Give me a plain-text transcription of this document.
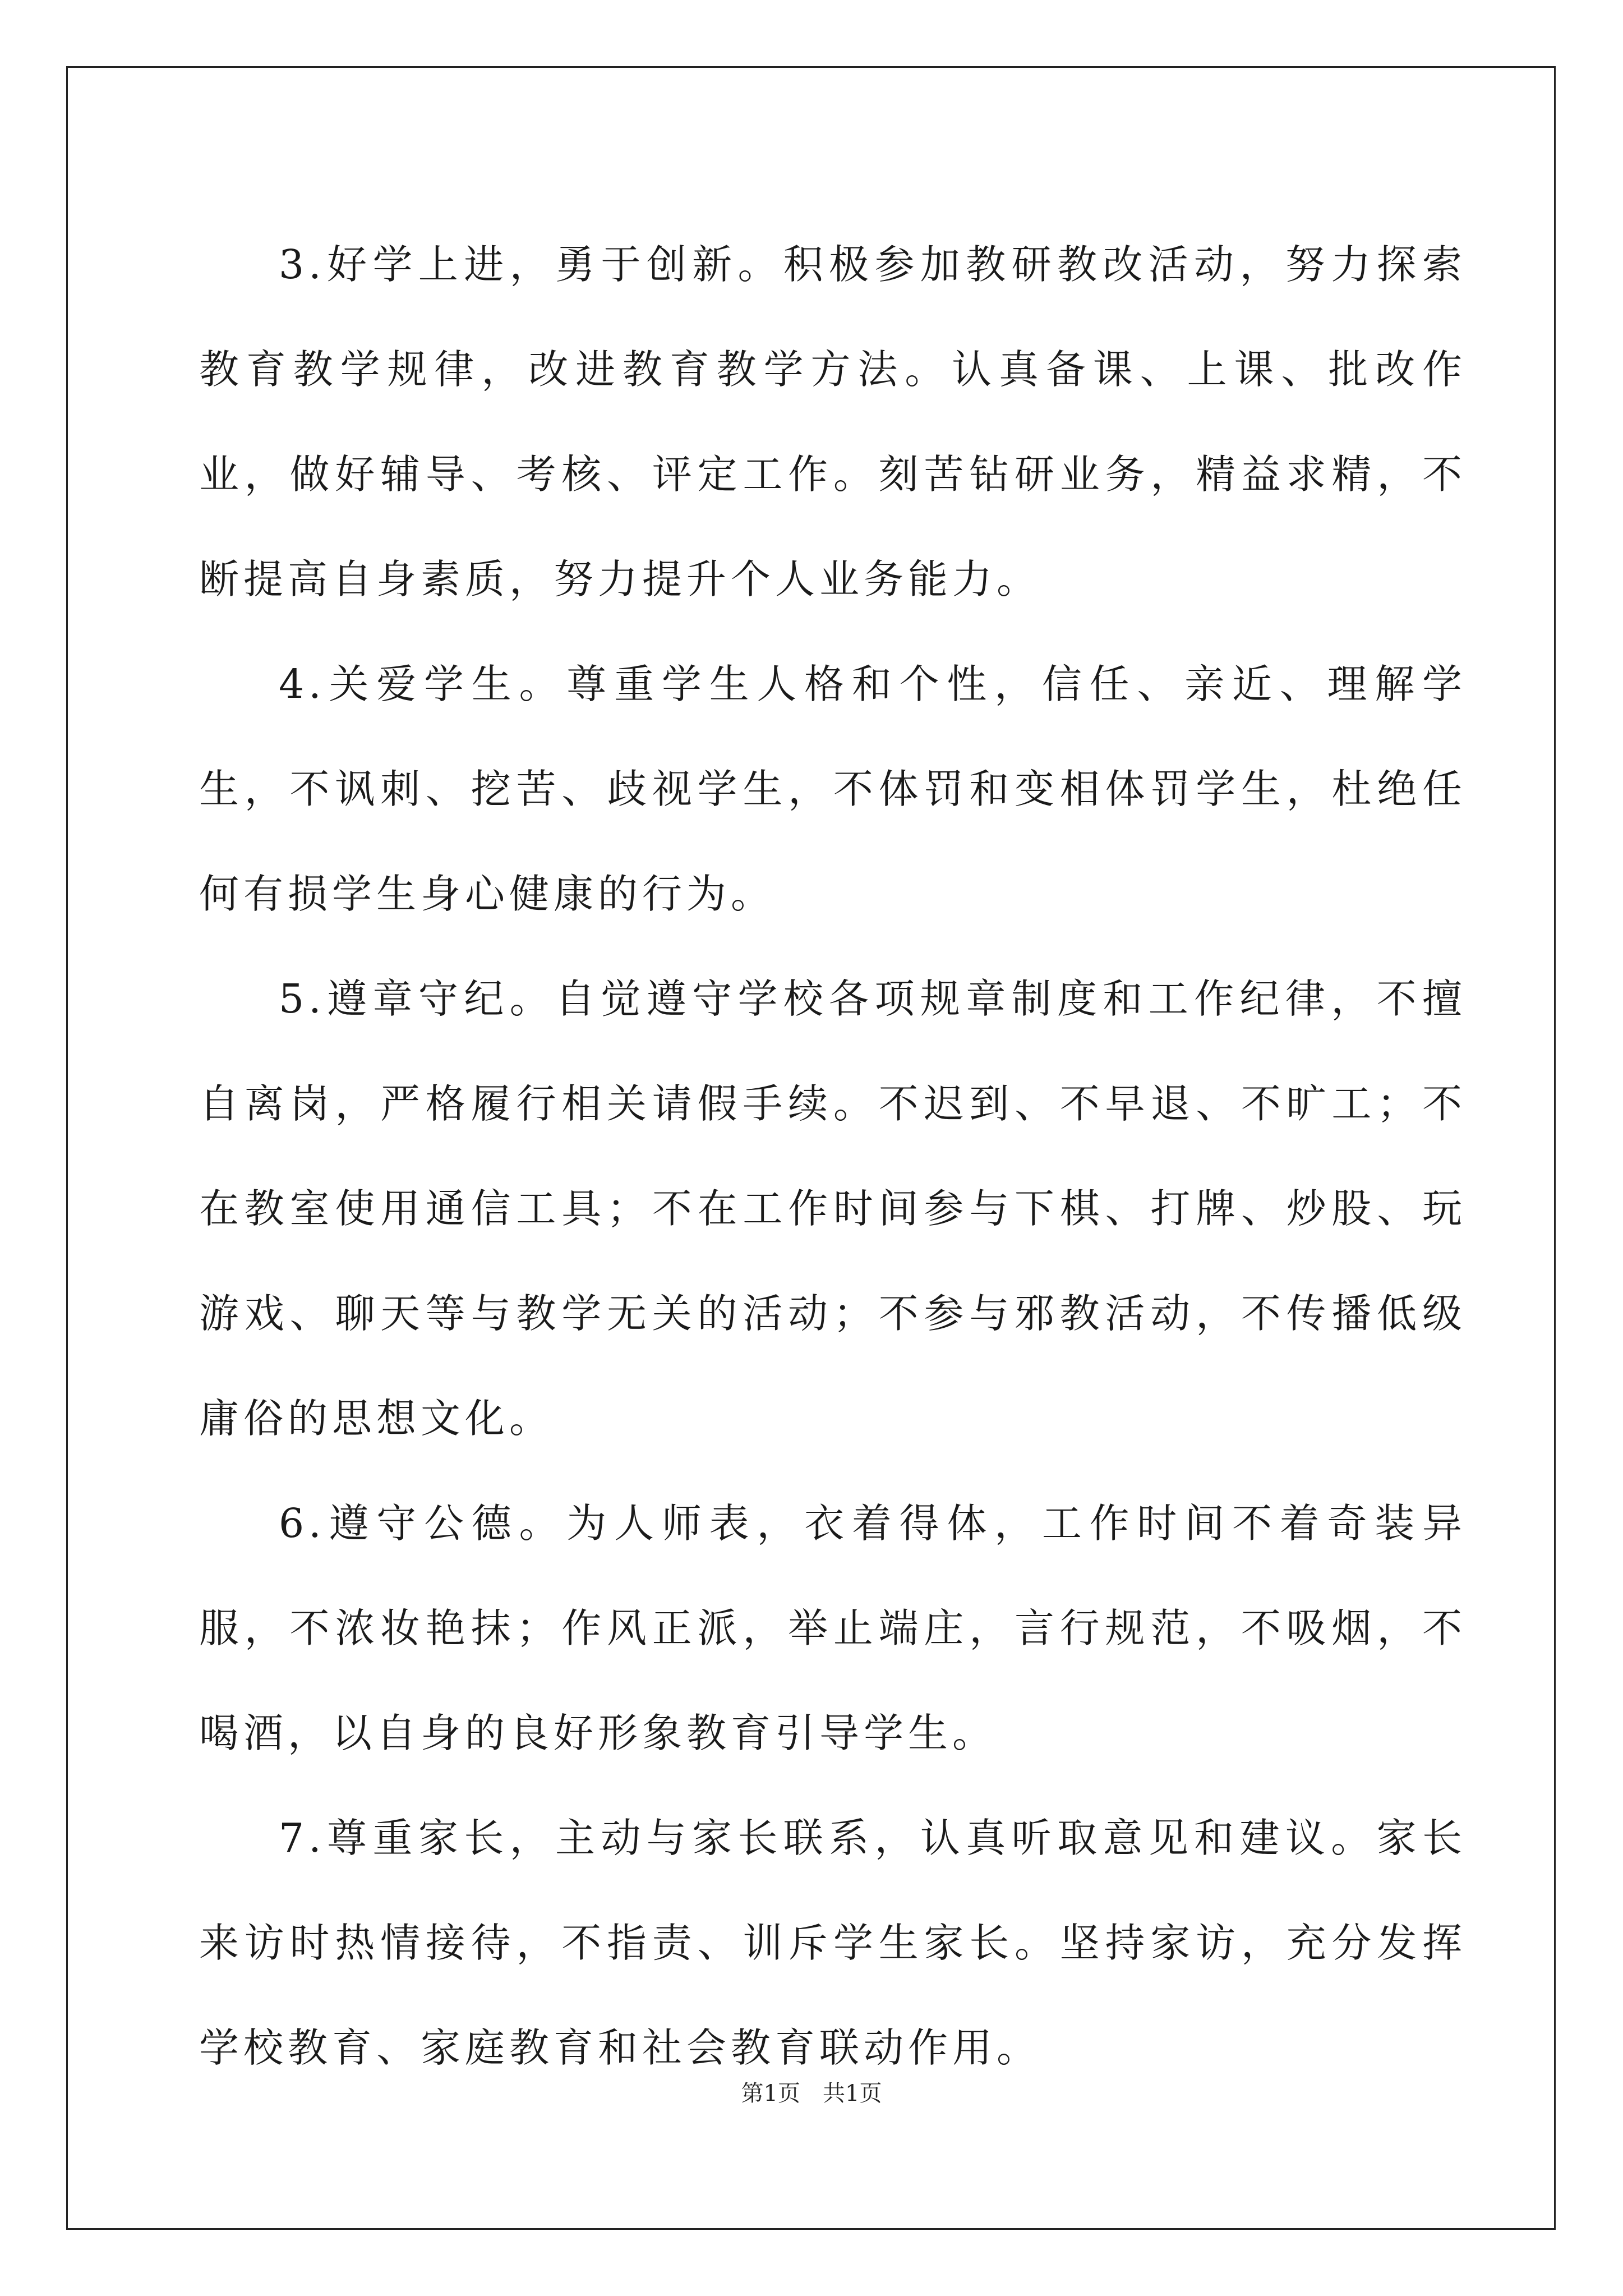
3.好学上进，勇于创新。积极参加教研教改活动，努力探索教育教学规律，改进教育教学方法。认真备课、上课、批改作业，做好辅导、考核、评定工作。刻苦钻研业务，精益求精，不断提高自身素质，努力提升个人业务能力。

4.关爱学生。尊重学生人格和个性，信任、亲近、理解学生，不讽刺、挖苦、歧视学生，不体罚和变相体罚学生，杜绝任何有损学生身心健康的行为。

5.遵章守纪。自觉遵守学校各项规章制度和工作纪律，不擅自离岗，严格履行相关请假手续。不迟到、不早退、不旷工；不在教室使用通信工具；不在工作时间参与下棋、打牌、炒股、玩游戏、聊天等与教学无关的活动；不参与邪教活动，不传播低级庸俗的思想文化。

6.遵守公德。为人师表，衣着得体，工作时间不着奇装异服，不浓妆艳抹；作风正派，举止端庄，言行规范，不吸烟，不喝酒，以自身的良好形象教育引导学生。

7.尊重家长，主动与家长联系，认真听取意见和建议。家长来访时热情接待，不指责、训斥学生家长。坚持家访，充分发挥学校教育、家庭教育和社会教育联动作用。

第1页　共1页
